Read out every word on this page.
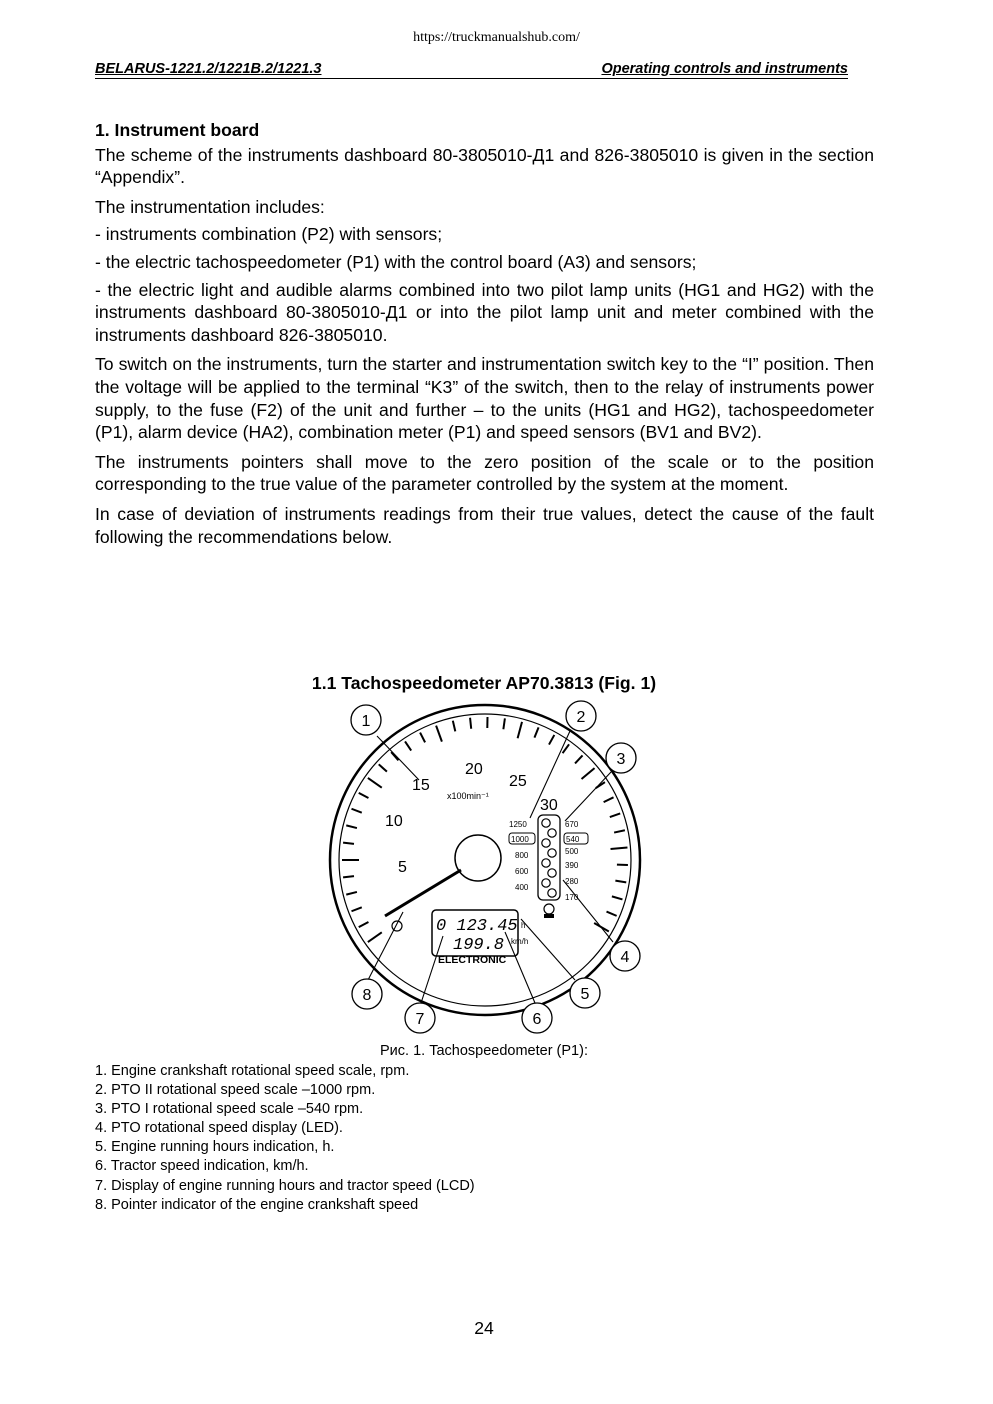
https://truckmanualshub.com/
BELARUS-1221.2/1221B.2/1221.3	Operating controls and instruments
1. Instrument board

The scheme of the instruments dashboard 80-3805010-Д1 and 826-3805010 is given in the section “Appendix”.

The instrumentation includes:

- instruments combination (P2) with sensors;

- the electric tachospeedometer (P1) with the control board (A3) and sensors;

- the electric light and audible alarms combined into two pilot lamp units (HG1 and HG2) with the instruments dashboard 80-3805010-Д1 or into the pilot lamp unit and meter combined with the instruments dashboard 826-3805010.

To switch on the instruments, turn the starter and instrumentation switch key to the “I” position. Then the voltage will be applied to the terminal “K3” of the switch, then to the relay of instruments power supply, to the fuse (F2) of the unit and further – to the units (HG1 and HG2), tachospeedometer (P1), alarm device (HA2), combination meter (P1) and speed sensors (BV1 and BV2).

The instruments pointers shall move to the zero position of the scale or to the position corresponding to the true value of the parameter controlled by the system at the moment.

In case of deviation of instruments readings from their true values, detect the cause of the fault following the recommendations below.

1.1 Tachospeedometer AP70.3813 (Fig. 1)
5
10
15
20
25
30
x100min⁻¹
1250
1000
800
600
400
670
540
500
390
280
170
0 123.45
199.8
h
km/h
ELECTRONIC
1	2
3
4
5
6
7
8
Рис. 1. Tachospeedometer (P1):
1. Engine crankshaft rotational speed scale, rpm.
2. PTO II rotational speed scale –1000 rpm.
3. PTO I rotational speed scale –540 rpm.
4. PTO rotational speed display (LED).
5. Engine running hours indication, h.
6. Tractor speed indication, km/h.
7. Display of engine running hours and tractor speed (LCD)
8. Pointer indicator of the engine crankshaft speed
24
